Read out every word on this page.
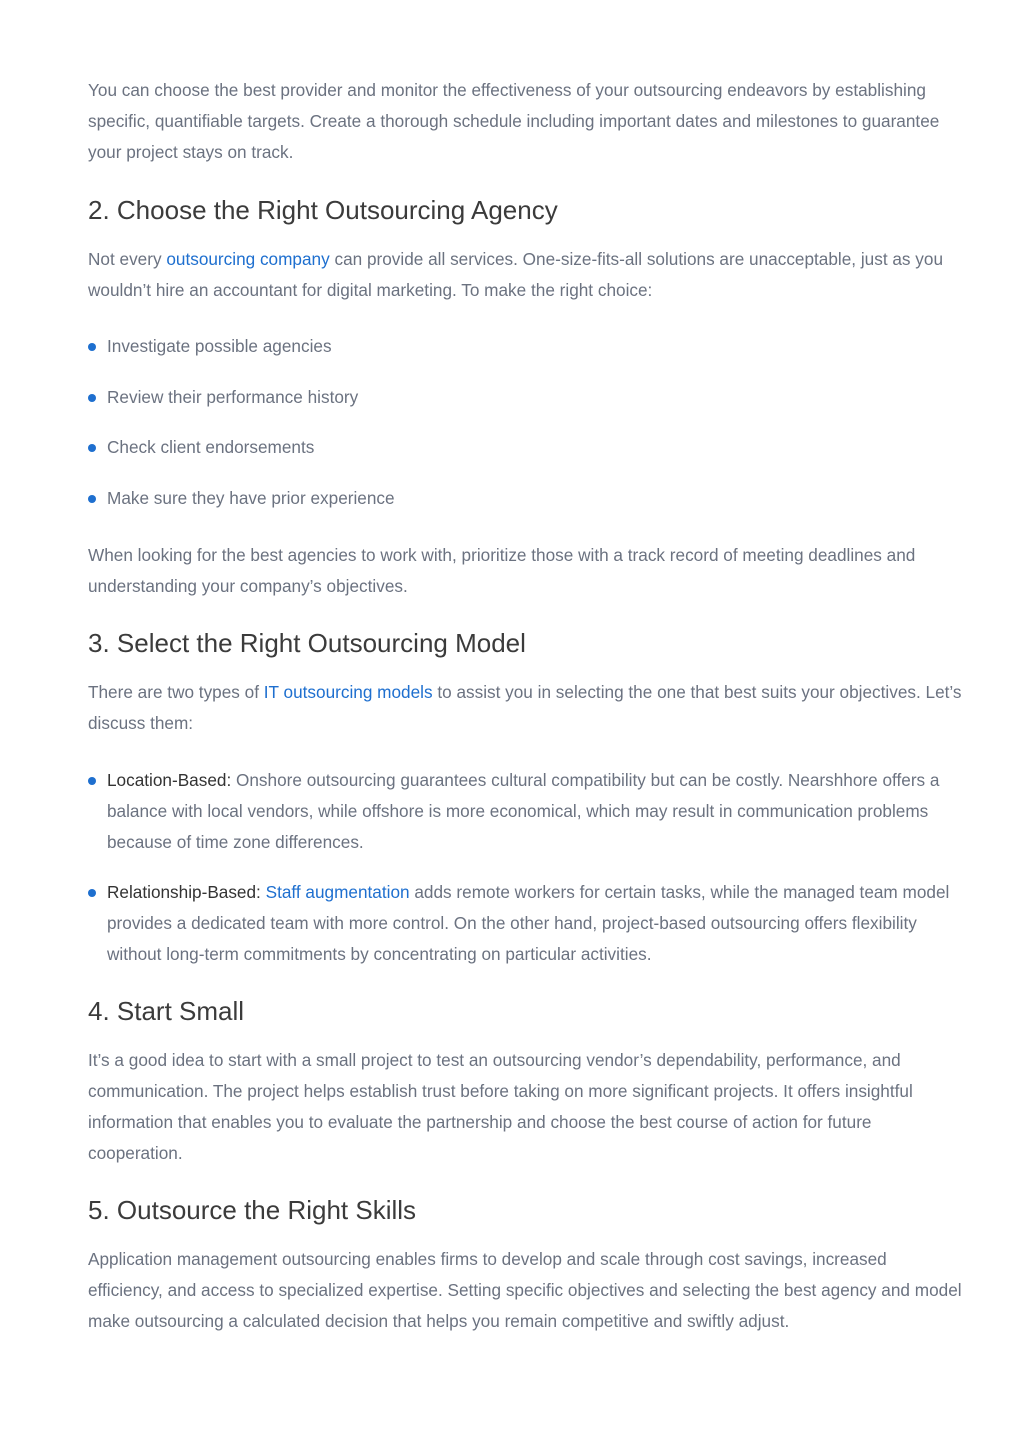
You can choose the best provider and monitor the effectiveness of your outsourcing endeavors by establishing specific, quantifiable targets. Create a thorough schedule including important dates and milestones to guarantee your project stays on track.

2. Choose the Right Outsourcing Agency

Not every outsourcing company can provide all services. One-size-fits-all solutions are unacceptable, just as you wouldn’t hire an accountant for digital marketing. To make the right choice:

Investigate possible agencies
Review their performance history
Check client endorsements
Make sure they have prior experience

When looking for the best agencies to work with, prioritize those with a track record of meeting deadlines and understanding your company’s objectives.

3. Select the Right Outsourcing Model

There are two types of IT outsourcing models to assist you in selecting the one that best suits your objectives. Let’s discuss them:

Location-Based: Onshore outsourcing guarantees cultural compatibility but can be costly. Nearshhore offers a balance with local vendors, while offshore is more economical, which may result in communication problems because of time zone differences.
Relationship-Based: Staff augmentation adds remote workers for certain tasks, while the managed team model provides a dedicated team with more control. On the other hand, project-based outsourcing offers flexibility without long-term commitments by concentrating on particular activities.
4. Start Small

It’s a good idea to start with a small project to test an outsourcing vendor’s dependability, performance, and communication. The project helps establish trust before taking on more significant projects. It offers insightful information that enables you to evaluate the partnership and choose the best course of action for future cooperation.

5. Outsource the Right Skills

Application management outsourcing enables firms to develop and scale through cost savings, increased efficiency, and access to specialized expertise. Setting specific objectives and selecting the best agency and model make outsourcing a calculated decision that helps you remain competitive and swiftly adjust.
